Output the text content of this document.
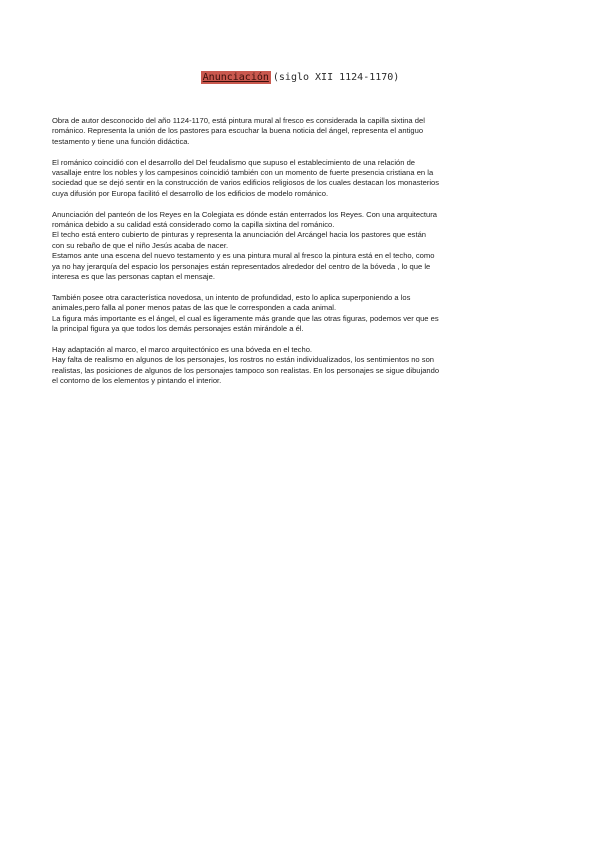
Anunciación (siglo XII 1124-1170)

Obra de autor desconocido del año 1124-1170, está pintura mural al fresco es considerada la capilla sixtina del
románico. Representa la unión de los pastores para escuchar la buena noticia del ángel, representa el antiguo
testamento y tiene una función didáctica.

El románico coincidió con el desarrollo del Del feudalismo que supuso el establecimiento de una relación de
vasallaje entre los nobles y los campesinos coincidió también con un momento de fuerte presencia cristiana en la
sociedad que se dejó sentir en la construcción de varios edificios religiosos de los cuales destacan los monasterios
cuya difusión por Europa facilitó el desarrollo de los edificios de modelo románico.

Anunciación del panteón de los Reyes en la Colegiata es dónde están enterrados los Reyes. Con una arquitectura
románica debido a su calidad está considerado como la capilla sixtina del románico.
El techo está entero cubierto de pinturas y representa la anunciación del Arcángel hacia los pastores que están
con su rebaño de que el niño Jesús acaba de nacer.
Estamos ante una escena del nuevo testamento y es una pintura mural al fresco la pintura está en el techo, como
ya no hay jerarquía del espacio los personajes están representados alrededor del centro de la bóveda , lo que le
interesa es que las personas captan el mensaje.

También posee otra característica novedosa, un intento de profundidad, esto lo aplica superponiendo a los
animales,pero falla al poner menos patas de las que le corresponden a cada animal.
La figura más importante es el ángel, el cual es ligeramente más grande que las otras figuras, podemos ver que es
la principal figura ya que todos los demás personajes están mirándole a él.

Hay adaptación al marco, el marco arquitectónico es una bóveda en el techo.
Hay falta de realismo en algunos de los personajes, los rostros no están individualizados, los sentimientos no son
realistas, las posiciones de algunos de los personajes tampoco son realistas. En los personajes se sigue dibujando
el contorno de los elementos y pintando el interior.
